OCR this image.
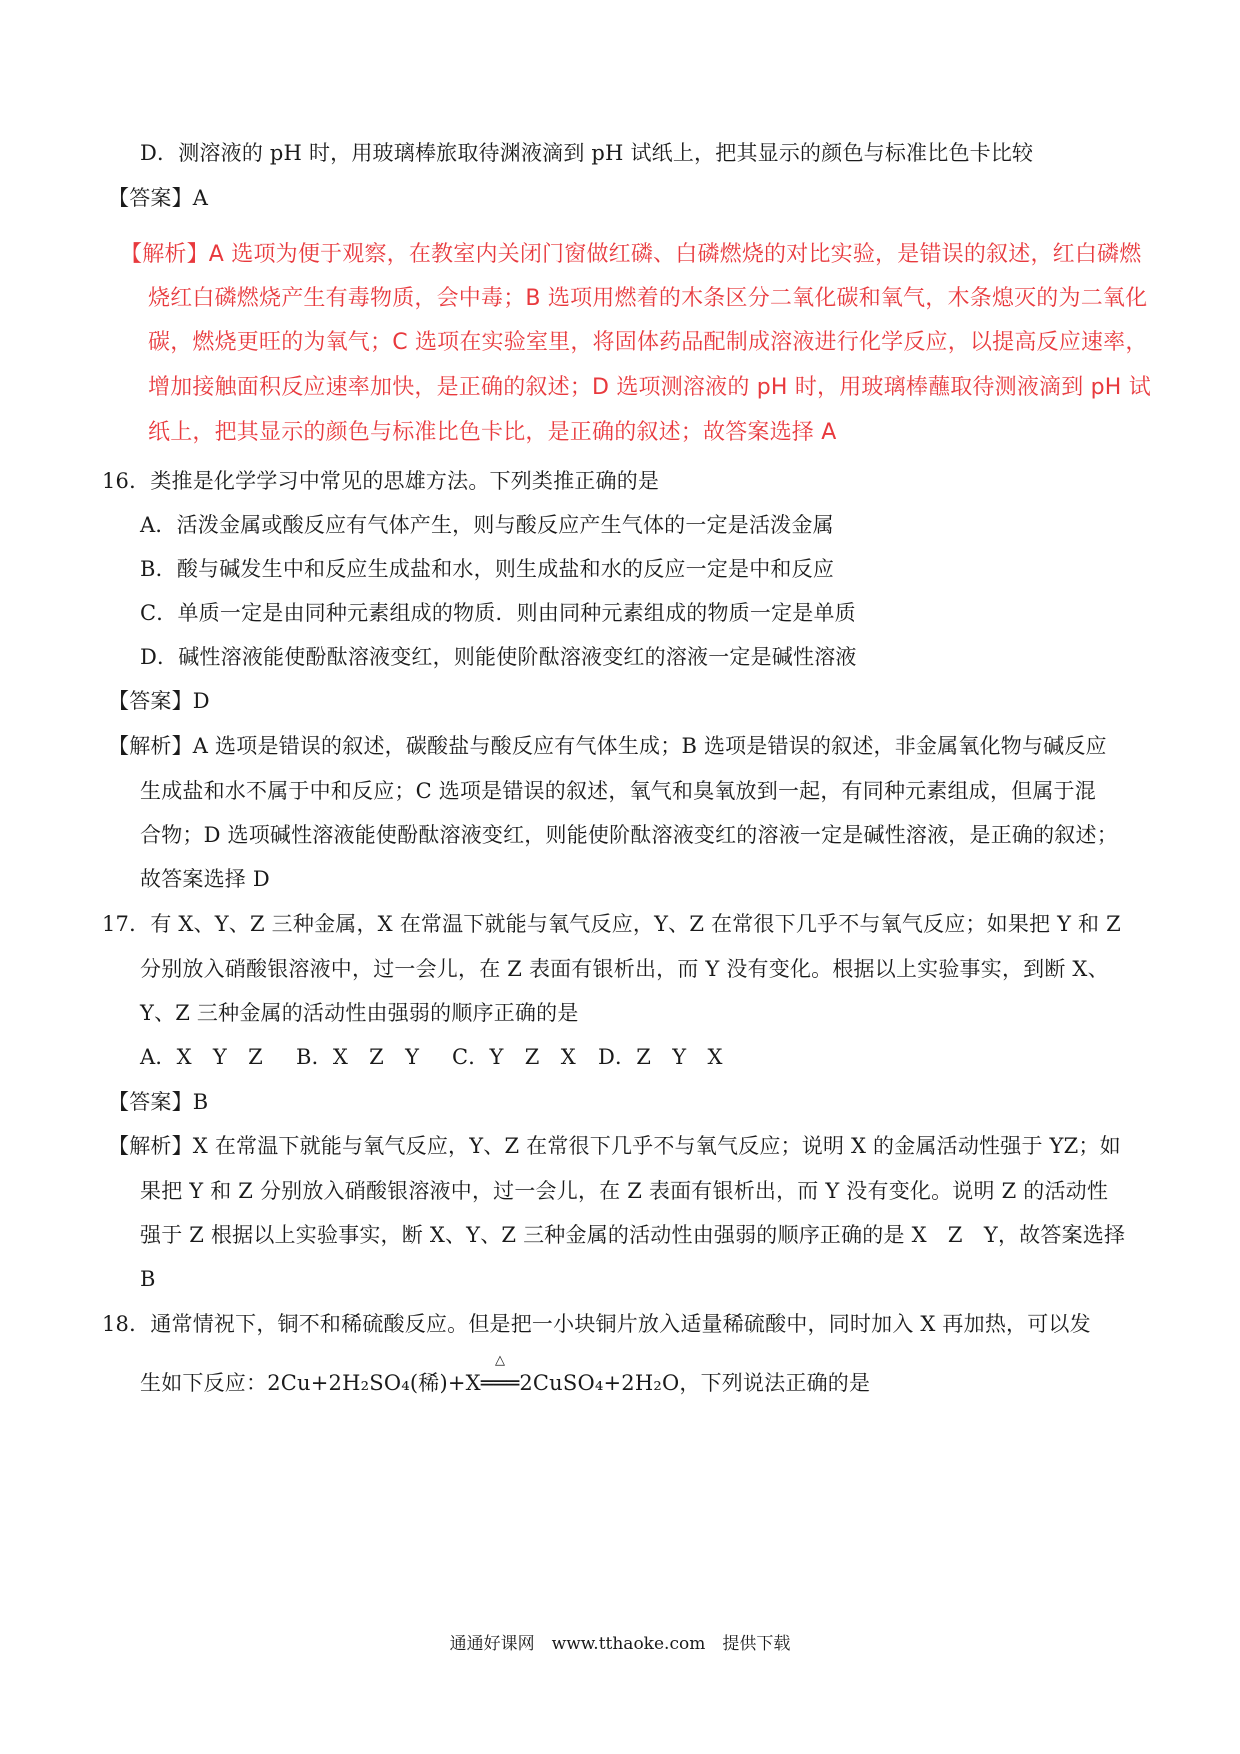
D．测溶液的 pH 时，用玻璃棒旅取待渊液滴到 pH 试纸上，把其显示的颜色与标准比色卡比较
【答案】A
【解析】A 选项为便于观察，在教室内关闭门窗做红磷、白磷燃烧的对比实验，是错误的叙述，红白磷燃
烧红白磷燃烧产生有毒物质，会中毒；B 选项用燃着的木条区分二氧化碳和氧气，木条熄灭的为二氧化
碳，燃烧更旺的为氧气；C 选项在实验室里，将固体药品配制成溶液进行化学反应，以提高反应速率，
增加接触面积反应速率加快，是正确的叙述；D 选项测溶液的 pH 时，用玻璃棒蘸取待测液滴到 pH 试
纸上，把其显示的颜色与标准比色卡比，是正确的叙述；故答案选择 A
16．类推是化学学习中常见的思雄方法。下列类推正确的是
A．活泼金属或酸反应有气体产生，则与酸反应产生气体的一定是活泼金属
B．酸与碱发生中和反应生成盐和水，则生成盐和水的反应一定是中和反应
C．单质一定是由同种元素组成的物质．则由同种元素组成的物质一定是单质
D．碱性溶液能使酚酞溶液变红，则能使阶酞溶液变红的溶液一定是碱性溶液
【答案】D
【解析】A 选项是错误的叙述，碳酸盐与酸反应有气体生成；B 选项是错误的叙述，非金属氧化物与碱反应
生成盐和水不属于中和反应；C 选项是错误的叙述，氧气和臭氧放到一起，有同种元素组成，但属于混
合物；D 选项碱性溶液能使酚酞溶液变红，则能使阶酞溶液变红的溶液一定是碱性溶液，是正确的叙述；
故答案选择 D
17．有 X、Y、Z 三种金属，X 在常温下就能与氧气反应，Y、Z 在常很下几乎不与氧气反应；如果把 Y 和 Z
分别放入硝酸银溶液中，过一会儿，在 Z 表面有银析出，而 Y 没有变化。根据以上实验事实，到断 X、
Y、Z 三种金属的活动性由强弱的顺序正确的是
A．X　Y　Z B．X　Z　Y C．Y　Z　X D．Z　Y　X
【答案】B
【解析】X 在常温下就能与氧气反应，Y、Z 在常很下几乎不与氧气反应；说明 X 的金属活动性强于 YZ；如
果把 Y 和 Z 分别放入硝酸银溶液中，过一会儿，在 Z 表面有银析出，而 Y 没有变化。说明 Z 的活动性
强于 Z 根据以上实验事实，断 X、Y、Z 三种金属的活动性由强弱的顺序正确的是 X　Z　Y，故答案选择
B
18．通常情祝下，铜不和稀硫酸反应。但是把一小块铜片放入适量稀硫酸中，同时加入 X 再加热，可以发
生如下反应：2Cu+2H₂SO₄(稀)+X
△
═══2CuSO₄+2H₂O，下列说法正确的是
通通好课网　www.tthaoke.com　提供下载
